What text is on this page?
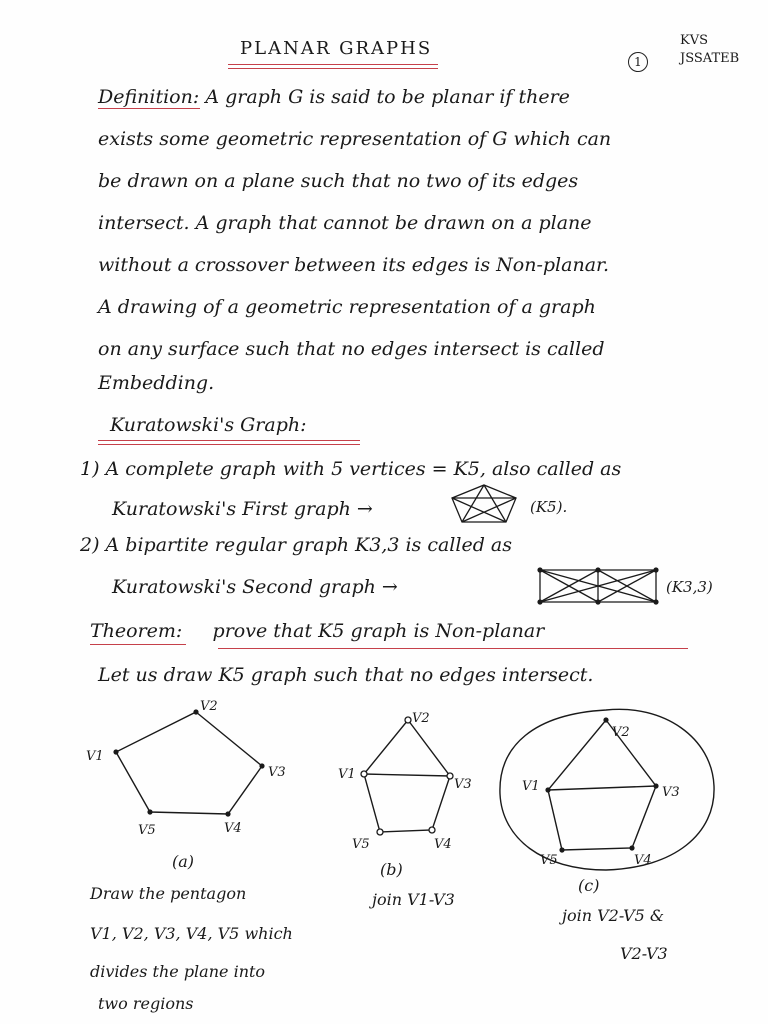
PLANAR GRAPHS
1
KVS
JSSATEB
Definition: A graph G is said to be planar if there
exists some geometric representation of G which can
be drawn on a plane such that no two of its edges
intersect. A graph that cannot be drawn on a plane
without a crossover between its edges is Non-planar.
A drawing of a geometric representation of a graph
on any surface such that no edges intersect is called
Embedding.
Kuratowski's Graph:
1) A complete graph with 5 vertices = K5, also called as
Kuratowski's First graph →	(K5).
2) A bipartite regular graph K3,3 is called as
Kuratowski's Second graph →	(K3,3)
Theorem: prove that K5 graph is Non-planar
Let us draw K5 graph such that no edges intersect.
V1
V2
V3
V4
V5
(a)
Draw the pentagon
V1, V2, V3, V4, V5 which
divides the plane into
two regions
V1
V2
V3
V4
V5
(b)
join V1-V3
V1
V2
V3
V4
V5
(c)
join V2-V5 &
V2-V3
